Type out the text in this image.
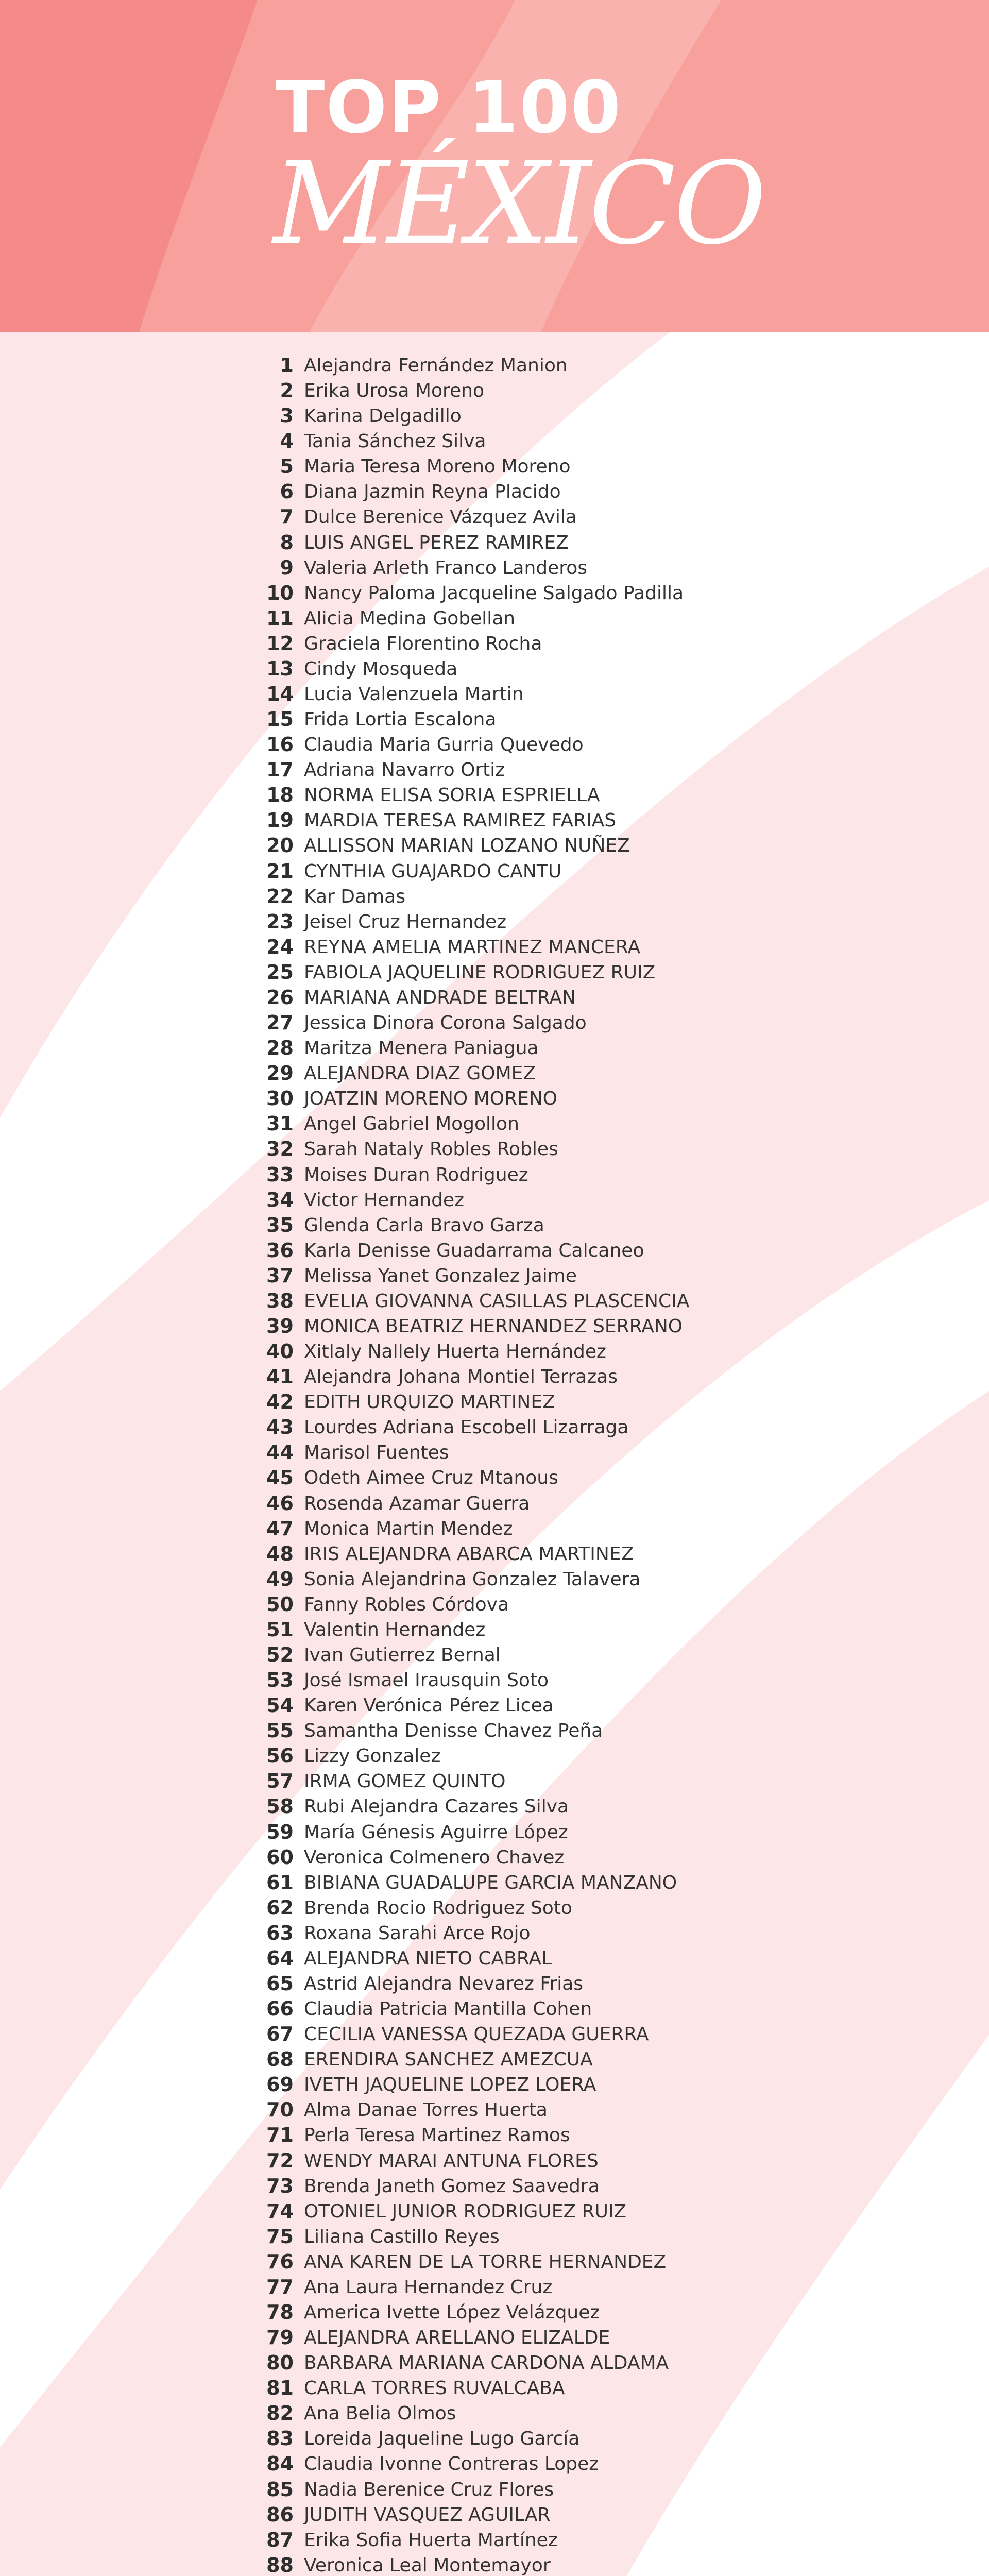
TOP 100
MÉXICO
1 Alejandra Fernández Manion
2 Erika Urosa Moreno
3 Karina Delgadillo
4 Tania Sánchez Silva
5 Maria Teresa Moreno Moreno
6 Diana Jazmin Reyna Placido
7 Dulce Berenice Vázquez Avila
8 LUIS ANGEL PEREZ RAMIREZ
9 Valeria Arleth Franco Landeros
10 Nancy Paloma Jacqueline Salgado Padilla
11 Alicia Medina Gobellan
12 Graciela Florentino Rocha
13 Cindy Mosqueda
14 Lucia Valenzuela Martin
15 Frida Lortia Escalona
16 Claudia Maria Gurria Quevedo
17 Adriana Navarro Ortiz
18 NORMA ELISA SORIA ESPRIELLA
19 MARDIA TERESA RAMIREZ FARIAS
20 ALLISSON MARIAN LOZANO NUÑEZ
21 CYNTHIA GUAJARDO CANTU
22 Kar Damas
23 Jeisel Cruz Hernandez
24 REYNA AMELIA MARTINEZ MANCERA
25 FABIOLA JAQUELINE RODRIGUEZ RUIZ
26 MARIANA ANDRADE BELTRAN
27 Jessica Dinora Corona Salgado
28 Maritza Menera Paniagua
29 ALEJANDRA DIAZ GOMEZ
30 JOATZIN MORENO MORENO
31 Angel Gabriel Mogollon
32 Sarah Nataly Robles Robles
33 Moises Duran Rodriguez
34 Victor Hernandez
35 Glenda Carla Bravo Garza
36 Karla Denisse Guadarrama Calcaneo
37 Melissa Yanet Gonzalez Jaime
38 EVELIA GIOVANNA CASILLAS PLASCENCIA
39 MONICA BEATRIZ HERNANDEZ SERRANO
40 Xitlaly Nallely Huerta Hernández
41 Alejandra Johana Montiel Terrazas
42 EDITH URQUIZO MARTINEZ
43 Lourdes Adriana Escobell Lizarraga
44 Marisol Fuentes
45 Odeth Aimee Cruz Mtanous
46 Rosenda Azamar Guerra
47 Monica Martin Mendez
48 IRIS ALEJANDRA ABARCA MARTINEZ
49 Sonia Alejandrina Gonzalez Talavera
50 Fanny Robles Córdova
51 Valentin Hernandez
52 Ivan Gutierrez Bernal
53 José Ismael Irausquin Soto
54 Karen Verónica Pérez Licea
55 Samantha Denisse Chavez Peña
56 Lizzy Gonzalez
57 IRMA GOMEZ QUINTO
58 Rubi Alejandra Cazares Silva
59 María Génesis Aguirre López
60 Veronica Colmenero Chavez
61 BIBIANA GUADALUPE GARCIA MANZANO
62 Brenda Rocio Rodriguez Soto
63 Roxana Sarahi Arce Rojo
64 ALEJANDRA NIETO CABRAL
65 Astrid Alejandra Nevarez Frias
66 Claudia Patricia Mantilla Cohen
67 CECILIA VANESSA QUEZADA GUERRA
68 ERENDIRA SANCHEZ AMEZCUA
69 IVETH JAQUELINE LOPEZ LOERA
70 Alma Danae Torres Huerta
71 Perla Teresa Martinez Ramos
72 WENDY MARAI ANTUNA FLORES
73 Brenda Janeth Gomez Saavedra
74 OTONIEL JUNIOR RODRIGUEZ RUIZ
75 Liliana Castillo Reyes
76 ANA KAREN DE LA TORRE HERNANDEZ
77 Ana Laura Hernandez Cruz
78 America Ivette López Velázquez
79 ALEJANDRA ARELLANO ELIZALDE
80 BARBARA MARIANA CARDONA ALDAMA
81 CARLA TORRES RUVALCABA
82 Ana Belia Olmos
83 Loreida Jaqueline Lugo García
84 Claudia Ivonne Contreras Lopez
85 Nadia Berenice Cruz Flores
86 JUDITH VASQUEZ AGUILAR
87 Erika Sofia Huerta Martínez
88 Veronica Leal Montemayor
